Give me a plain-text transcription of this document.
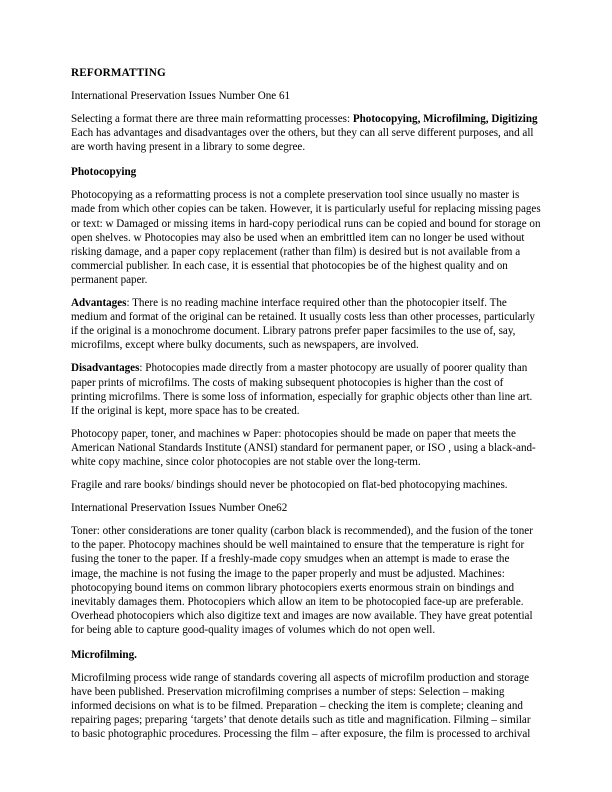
REFORMATTING
International Preservation Issues Number One 61

Selecting a format there are three main reformatting processes: Photocopying, Microfilming, Digitizing Each has advantages and disadvantages over the others, but they can all serve different purposes, and all are worth having present in a library to some degree.

Photocopying

Photocopying as a reformatting process is not a complete preservation tool since usually no master is made from which other copies can be taken. However, it is particularly useful for replacing missing pages or text: w Damaged or missing items in hard-copy periodical runs can be copied and bound for storage on open shelves. w Photocopies may also be used when an embrittled item can no longer be used without risking damage, and a paper copy replacement (rather than film) is desired but is not available from a commercial publisher. In each case, it is essential that photocopies be of the highest quality and on permanent paper.

Advantages: There is no reading machine interface required other than the photocopier itself. The medium and format of the original can be retained. It usually costs less than other processes, particularly if the original is a monochrome document. Library patrons prefer paper facsimiles to the use of, say, microfilms, except where bulky documents, such as newspapers, are involved.

Disadvantages: Photocopies made directly from a master photocopy are usually of poorer quality than paper prints of microfilms. The costs of making subsequent photocopies is higher than the cost of printing microfilms. There is some loss of information, especially for graphic objects other than line art. If the original is kept, more space has to be created.

Photocopy paper, toner, and machines w Paper: photocopies should be made on paper that meets the American National Standards Institute (ANSI) standard for permanent paper, or ISO , using a black-and-white copy machine, since color photocopies are not stable over the long-term.

Fragile and rare books/ bindings should never be photocopied on flat-bed photocopying machines.

International Preservation Issues Number One62

Toner: other considerations are toner quality (carbon black is recommended), and the fusion of the toner to the paper. Photocopy machines should be well maintained to ensure that the temperature is right for fusing the toner to the paper. If a freshly-made copy smudges when an attempt is made to erase the image, the machine is not fusing the image to the paper properly and must be adjusted. Machines: photocopying bound items on common library photocopiers exerts enormous strain on bindings and inevitably damages them. Photocopiers which allow an item to be photocopied face-up are preferable. Overhead photocopiers which also digitize text and images are now available. They have great potential for being able to capture good-quality images of volumes which do not open well.

Microfilming.

Microfilming process wide range of standards covering all aspects of microfilm production and storage have been published. Preservation microfilming comprises a number of steps: Selection – making informed decisions on what is to be filmed. Preparation – checking the item is complete; cleaning and repairing pages; preparing ‘targets’ that denote details such as title and magnification. Filming – similar to basic photographic procedures. Processing the film – after exposure, the film is processed to archival
